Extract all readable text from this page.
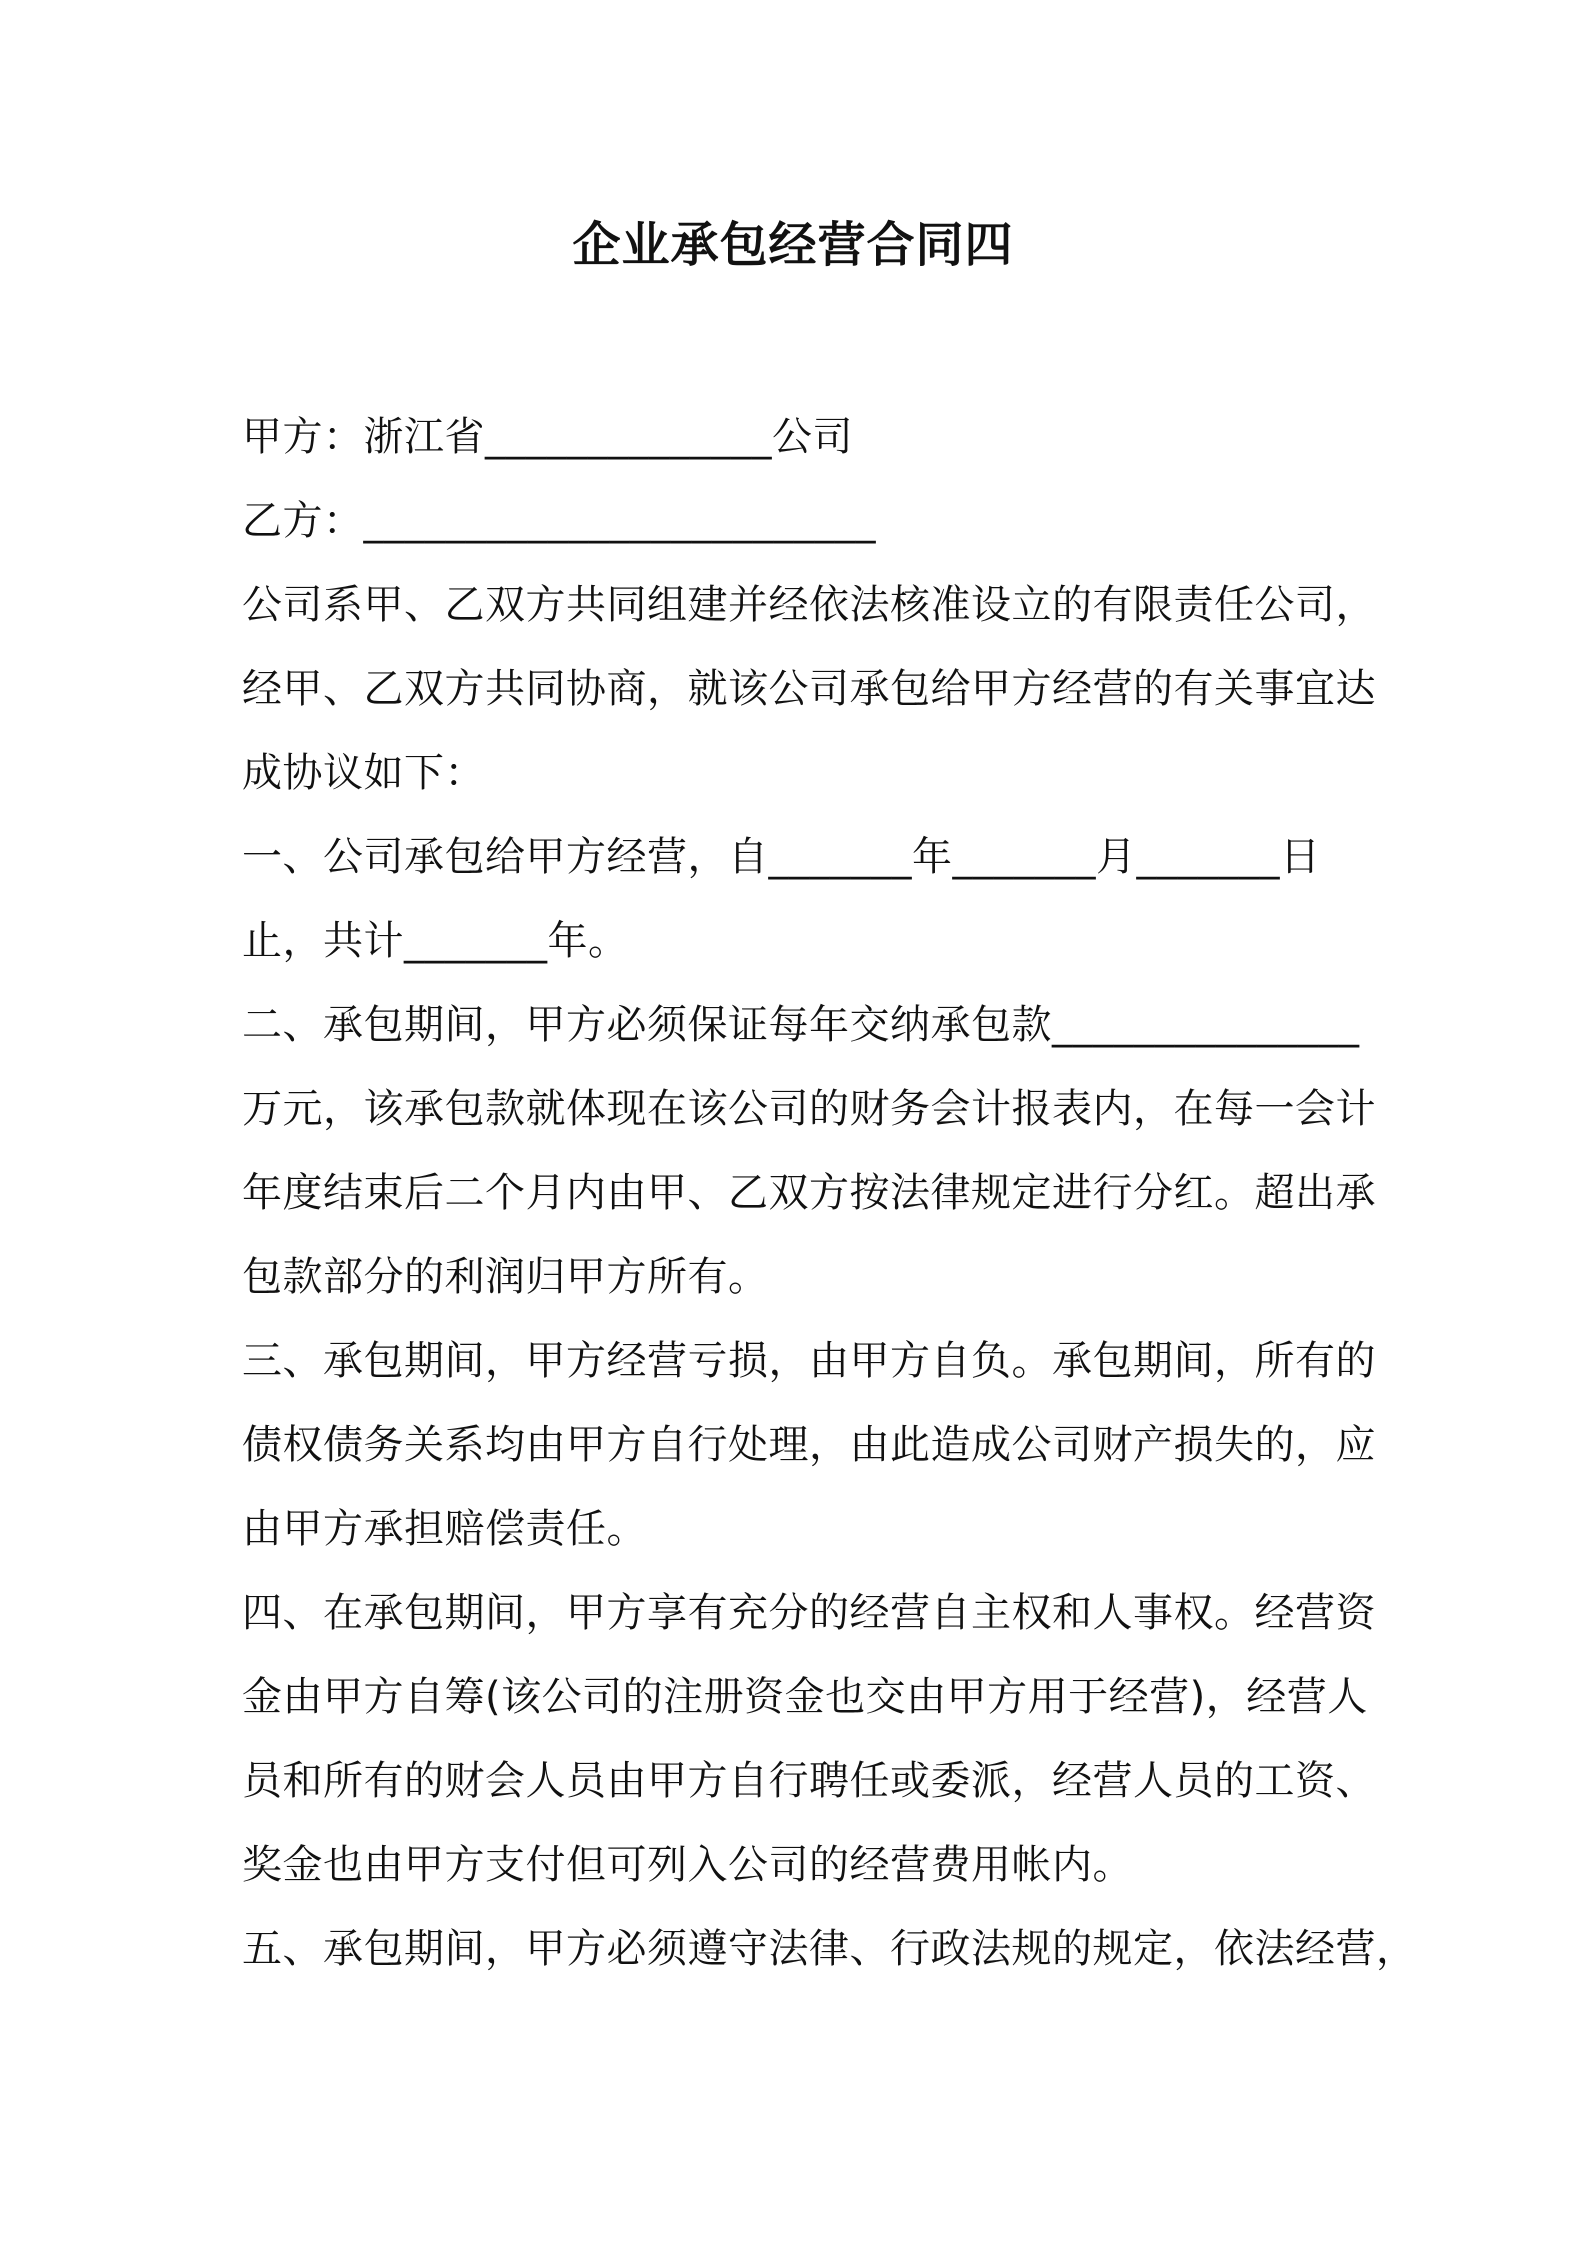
企业承包经营合同四
甲方：浙江省______________公司
乙方：_________________________
公司系甲、乙双方共同组建并经依法核准设立的有限责任公司，
经甲、乙双方共同协商，就该公司承包给甲方经营的有关事宜达
成协议如下：
一、公司承包给甲方经营，自_______年_______月_______日
止，共计_______年。
二、承包期间，甲方必须保证每年交纳承包款_______________
万元，该承包款就体现在该公司的财务会计报表内，在每一会计
年度结束后二个月内由甲、乙双方按法律规定进行分红。超出承
包款部分的利润归甲方所有。
三、承包期间，甲方经营亏损，由甲方自负。承包期间，所有的
债权债务关系均由甲方自行处理，由此造成公司财产损失的，应
由甲方承担赔偿责任。
四、在承包期间，甲方享有充分的经营自主权和人事权。经营资
金由甲方自筹(该公司的注册资金也交由甲方用于经营)，经营人
员和所有的财会人员由甲方自行聘任或委派，经营人员的工资、
奖金也由甲方支付但可列入公司的经营费用帐内。
五、承包期间，甲方必须遵守法律、行政法规的规定，依法经营，
